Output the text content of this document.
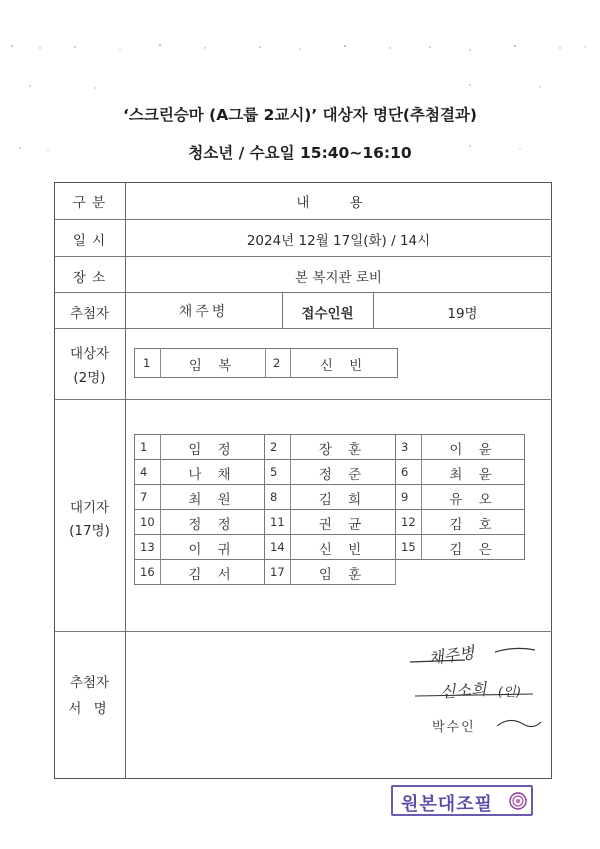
‘스크린승마 (A그룹 2교시)’ 대상자 명단(추첨결과)
청소년 / 수요일 15:40~16:10
구 분	내 용
일 시	2024년 12월 17일(화) / 14시
장 소	본 복지관 로비
추첨자	채주병	접수인원	19명
대상자
(2명)
1	임 복	2	신 빈
대기자
(17명)
1	임 정	2	장 훈	3	이 윤
4	나 채	5	정 준	6	최 윤
7	최 원	8	김 희	9	유 오
10	정 정	11	권 균	12	김 호
13	이 귀	14	신 빈	15	김 은
16	김 서	17	임 훈
추첨자
서 명
채주병
신소희 (인)
박수인
원본대조필
